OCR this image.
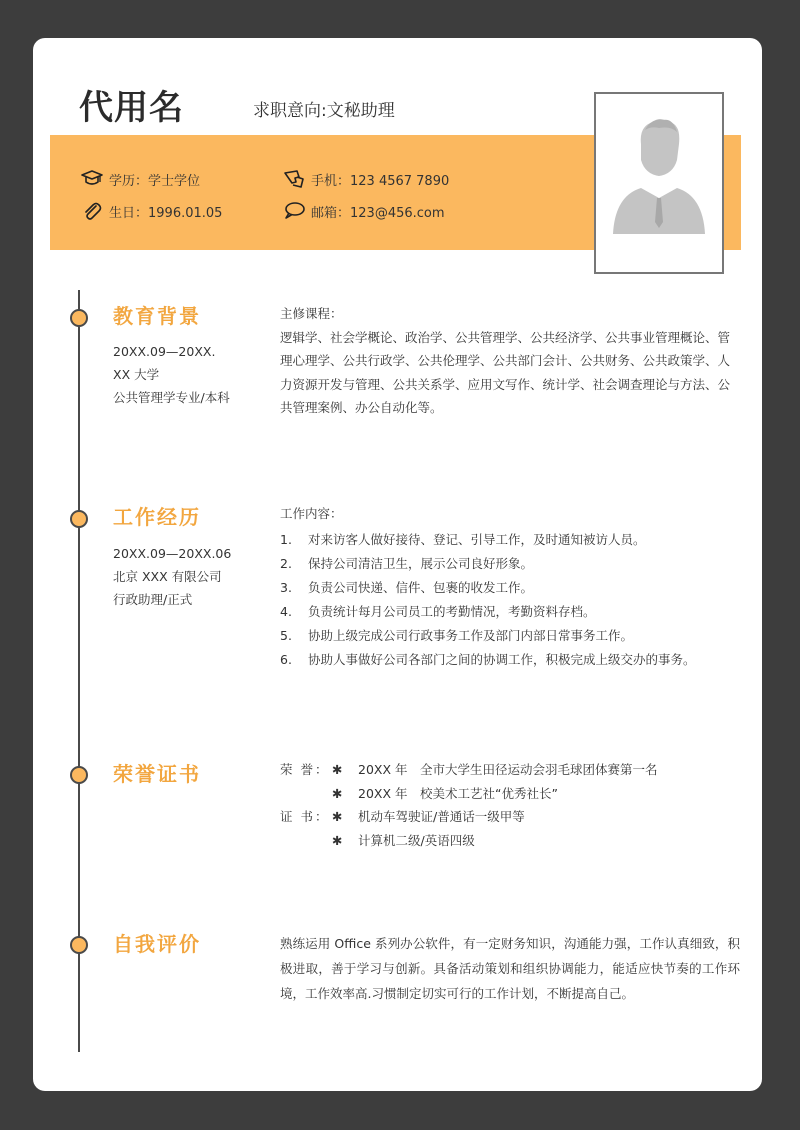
代用名	求职意向:文秘助理
学历：学士学位
生日：1996.01.05
手机：123 4567 7890
邮箱：123@456.com
教育背景
20XX.09—20XX.
XX 大学
公共管理学专业/本科

主修课程：

逻辑学、社会学概论、政治学、公共管理学、公共经济学、公共事业管理概论、管理心理学、公共行政学、公共伦理学、公共部门会计、公共财务、公共政策学、人力资源开发与管理、公共关系学、应用文写作、统计学、社会调查理论与方法、公共管理案例、办公自动化等。

工作经历
20XX.09—20XX.06
北京 XXX 有限公司
行政助理/正式

工作内容：

1.	对来访客人做好接待、登记、引导工作，及时通知被访人员。
2.	保持公司清洁卫生，展示公司良好形象。
3.	负责公司快递、信件、包裹的收发工作。
4.	负责统计每月公司员工的考勤情况，考勤资料存档。
5.	协助上级完成公司行政事务工作及部门内部日常事务工作。
6.	协助人事做好公司各部门之间的协调工作，积极完成上级交办的事务。
荣誉证书	荣 誉： ✱	20XX 年 全市大学生田径运动会羽毛球团体赛第一名
✱	20XX 年 校美术工艺社“优秀社长”
证 书： ✱	机动车驾驶证/普通话一级甲等
✱	计算机二级/英语四级
自我评价	熟练运用 Office 系列办公软件，有一定财务知识，沟通能力强，工作认真细致，积极进取，善于学习与创新。具备活动策划和组织协调能力，能适应快节奏的工作环境，工作效率高.习惯制定切实可行的工作计划，不断提高自己。
